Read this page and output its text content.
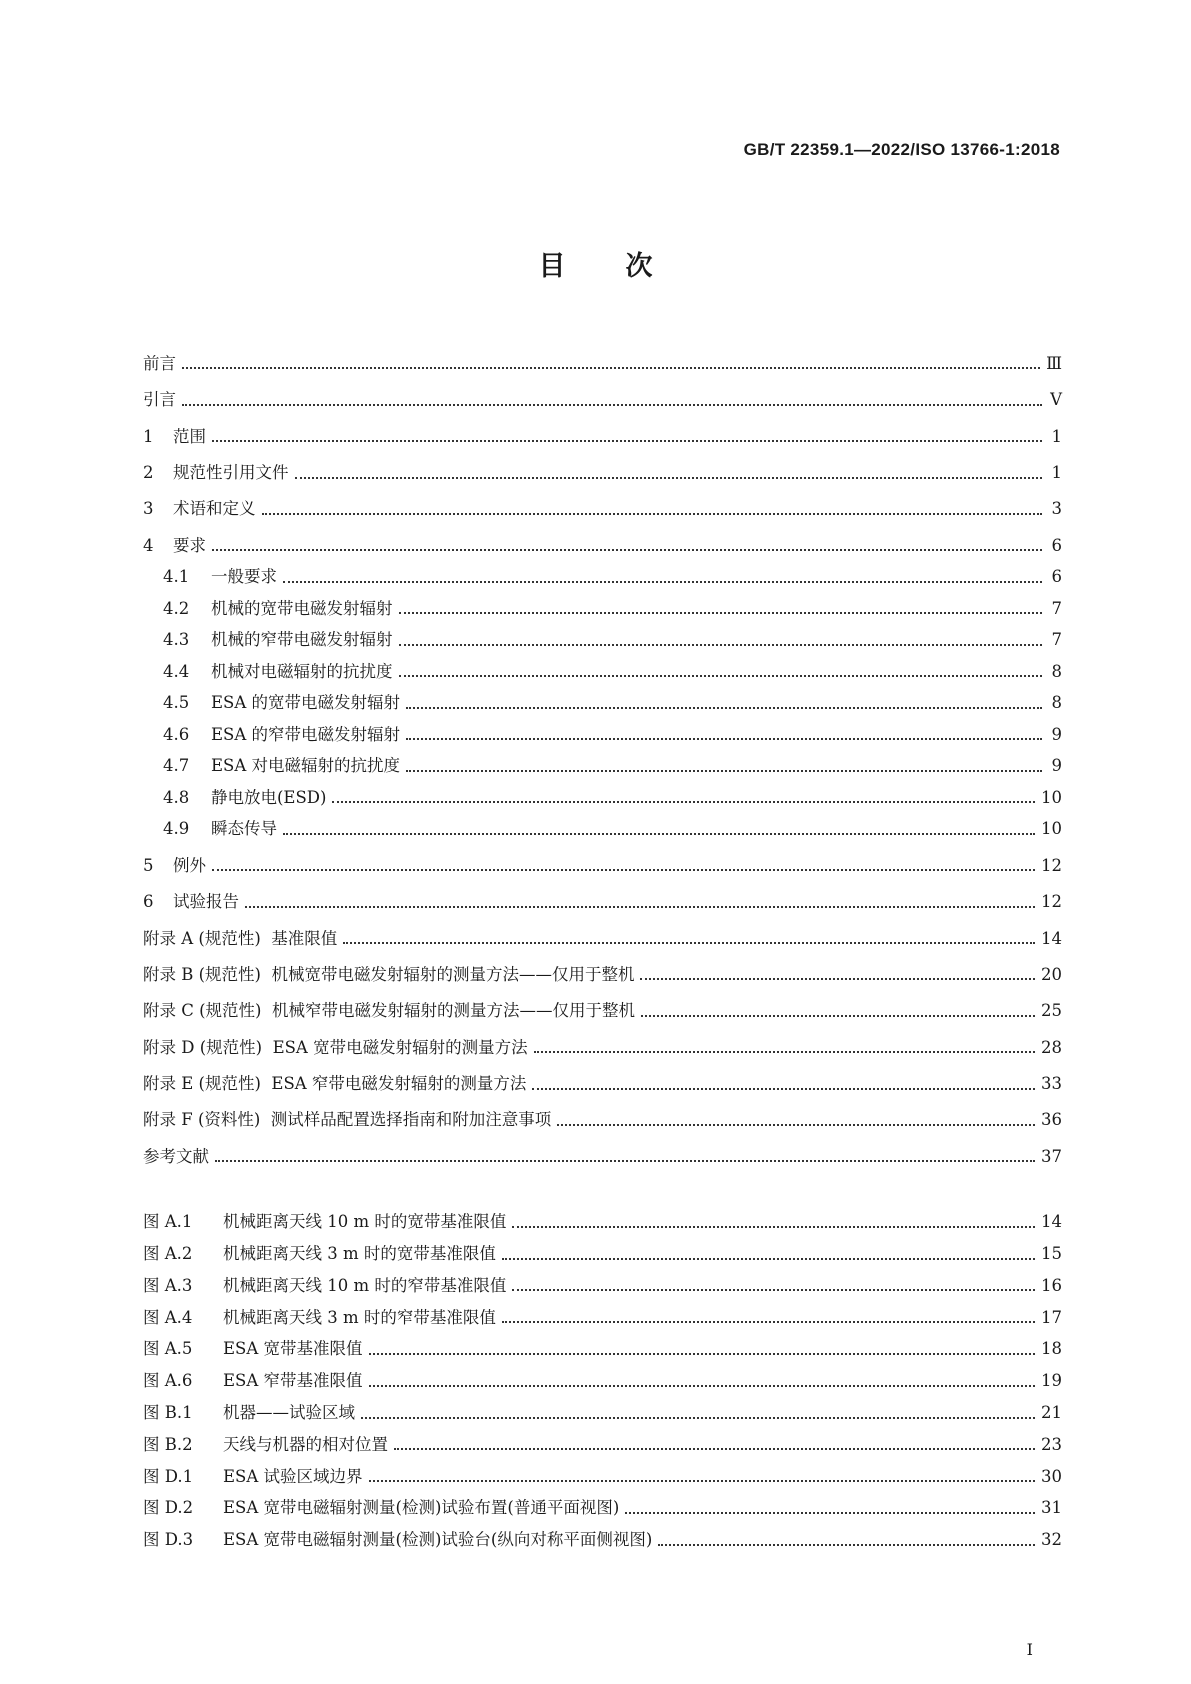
GB/T 22359.1—2022/ISO 13766-1:2018
目次
前言	Ⅲ
引言	Ⅴ
1 范围	1
2 规范性引用文件	1
3 术语和定义	3
4 要求	6
4.1 一般要求	6
4.2 机械的宽带电磁发射辐射	7
4.3 机械的窄带电磁发射辐射	7
4.4 机械对电磁辐射的抗扰度	8
4.5 ESA 的宽带电磁发射辐射	8
4.6 ESA 的窄带电磁发射辐射	9
4.7 ESA 对电磁辐射的抗扰度	9
4.8 静电放电(ESD)	10
4.9 瞬态传导	10
5 例外	12
6 试验报告	12
附录 A (规范性)  基准限值	14
附录 B (规范性)  机械宽带电磁发射辐射的测量方法——仅用于整机	20
附录 C (规范性)  机械窄带电磁发射辐射的测量方法——仅用于整机	25
附录 D (规范性)  ESA 宽带电磁发射辐射的测量方法	28
附录 E (规范性)  ESA 窄带电磁发射辐射的测量方法	33
附录 F (资料性)  测试样品配置选择指南和附加注意事项	36
参考文献	37
图 A.1 机械距离天线 10 m 时的宽带基准限值	14
图 A.2 机械距离天线 3 m 时的宽带基准限值	15
图 A.3 机械距离天线 10 m 时的窄带基准限值	16
图 A.4 机械距离天线 3 m 时的窄带基准限值	17
图 A.5 ESA 宽带基准限值	18
图 A.6 ESA 窄带基准限值	19
图 B.1 机器——试验区域	21
图 B.2 天线与机器的相对位置	23
图 D.1 ESA 试验区域边界	30
图 D.2 ESA 宽带电磁辐射测量(检测)试验布置(普通平面视图)	31
图 D.3 ESA 宽带电磁辐射测量(检测)试验台(纵向对称平面侧视图)	32
I
